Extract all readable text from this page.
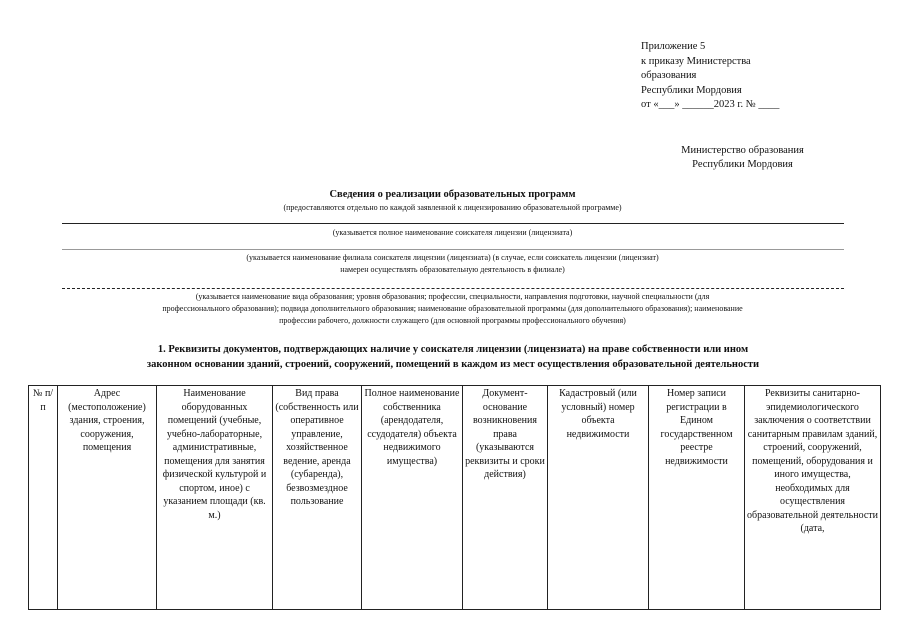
Приложение 5
к приказу Министерства
образования
Республики Мордовия
от «___» ______2023 г. № ____
Министерство образования
Республики Мордовия
Сведения о реализации образовательных программ
(предоставляются отдельно по каждой заявленной к лицензированию образовательной программе)
(указывается полное наименование соискателя лицензии (лицензиата)
(указывается наименование филиала соискателя лицензии (лицензиата) (в случае, если соискатель лицензии (лицензиат)
намерен осуществлять образовательную деятельность в филиале)
(указывается наименование вида образования; уровня образования; профессии, специальности, направления подготовки, научной специальности (для
профессионального образования); подвида дополнительного образования; наименование образовательной программы (для дополнительного образования); наименование
профессии рабочего, должности служащего (для основной программы профессионального обучения)
1. Реквизиты документов, подтверждающих наличие у соискателя лицензии (лицензиата) на праве собственности или ином
законном основании зданий, строений, сооружений, помещений в каждом из мест осуществления образовательной деятельности
№ п/п	Адрес (местоположение) здания, строения, сооружения, помещения	Наименование оборудованных помещений (учебные, учебно-лабораторные, административные, помещения для занятия физической культурой и спортом, иное) с указанием площади (кв. м.)	Вид права (собственность или оперативное управление, хозяйственное ведение, аренда (субаренда), безвозмездное пользование	Полное наименование собственника (арендодателя, ссудодателя) объекта недвижимого имущества)	Документ-основание возникновения права (указываются реквизиты и сроки действия)	Кадастровый (или условный) номер объекта недвижимости	Номер записи регистрации в Едином государственном реестре недвижимости	Реквизиты санитарно-эпидемиологического заключения о соответствии санитарным правилам зданий, строений, сооружений, помещений, оборудования и иного имущества, необходимых для осуществления образовательной деятельности (дата,
